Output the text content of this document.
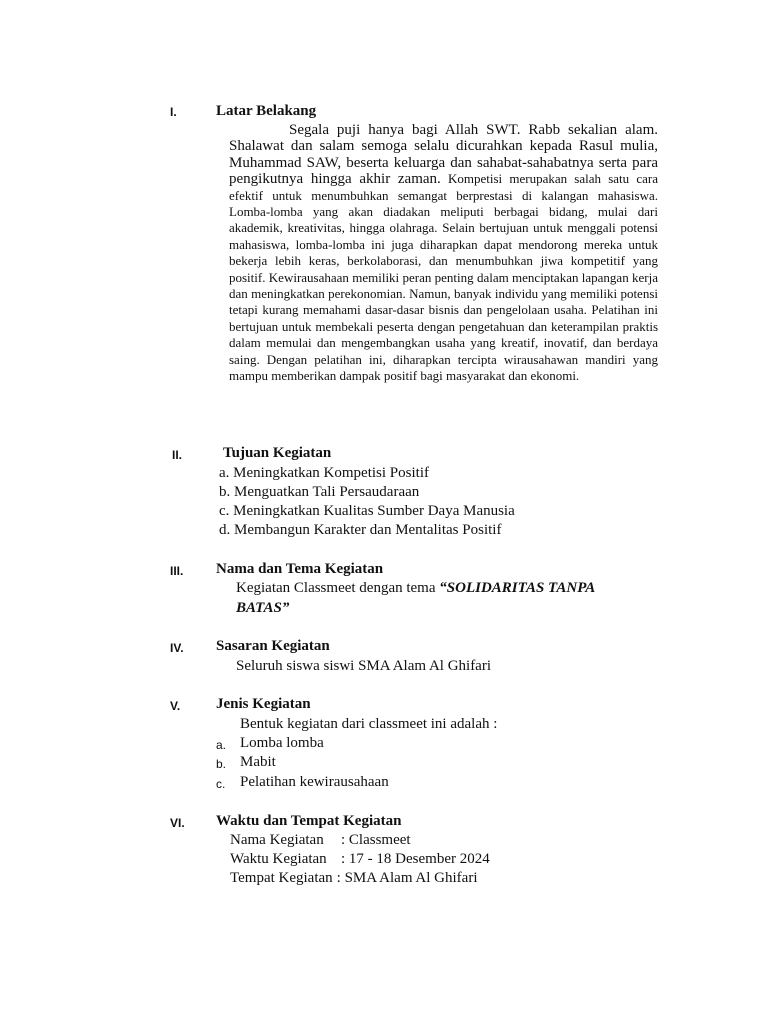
I.	Latar Belakang
Segala puji hanya bagi Allah SWT. Rabb sekalian alam. Shalawat dan salam semoga selalu dicurahkan kepada Rasul mulia, Muhammad SAW, beserta keluarga dan sahabat-sahabatnya serta para pengikutnya hingga akhir zaman. Kompetisi merupakan salah satu cara efektif untuk menumbuhkan semangat berprestasi di kalangan mahasiswa. Lomba-lomba yang akan diadakan meliputi berbagai bidang, mulai dari akademik, kreativitas, hingga olahraga. Selain bertujuan untuk menggali potensi mahasiswa, lomba-lomba ini juga diharapkan dapat mendorong mereka untuk bekerja lebih keras, berkolaborasi, dan menumbuhkan jiwa kompetitif yang positif. Kewirausahaan memiliki peran penting dalam menciptakan lapangan kerja dan meningkatkan perekonomian. Namun, banyak individu yang memiliki potensi tetapi kurang memahami dasar-dasar bisnis dan pengelolaan usaha. Pelatihan ini bertujuan untuk membekali peserta dengan pengetahuan dan keterampilan praktis dalam memulai dan mengembangkan usaha yang kreatif, inovatif, dan berdaya saing. Dengan pelatihan ini, diharapkan tercipta wirausahawan mandiri yang mampu memberikan dampak positif bagi masyarakat dan ekonomi.
II.	Tujuan Kegiatan
a. Meningkatkan Kompetisi Positif
b. Menguatkan Tali Persaudaraan
c. Meningkatkan Kualitas Sumber Daya Manusia
d. Membangun Karakter dan Mentalitas Positif
III. Nama dan Tema Kegiatan
Kegiatan Classmeet dengan tema “SOLIDARITAS TANPA
BATAS”
IV. Sasaran Kegiatan
Seluruh siswa siswi SMA Alam Al Ghifari
V. Jenis Kegiatan
Bentuk kegiatan dari classmeet ini adalah :
a. Lomba lomba
b. Mabit
c. Pelatihan kewirausahaan
VI. Waktu dan Tempat Kegiatan
Nama Kegiatan : Classmeet
Waktu Kegiatan : 17 - 18 Desember 2024
Tempat Kegiatan : SMA Alam Al Ghifari
